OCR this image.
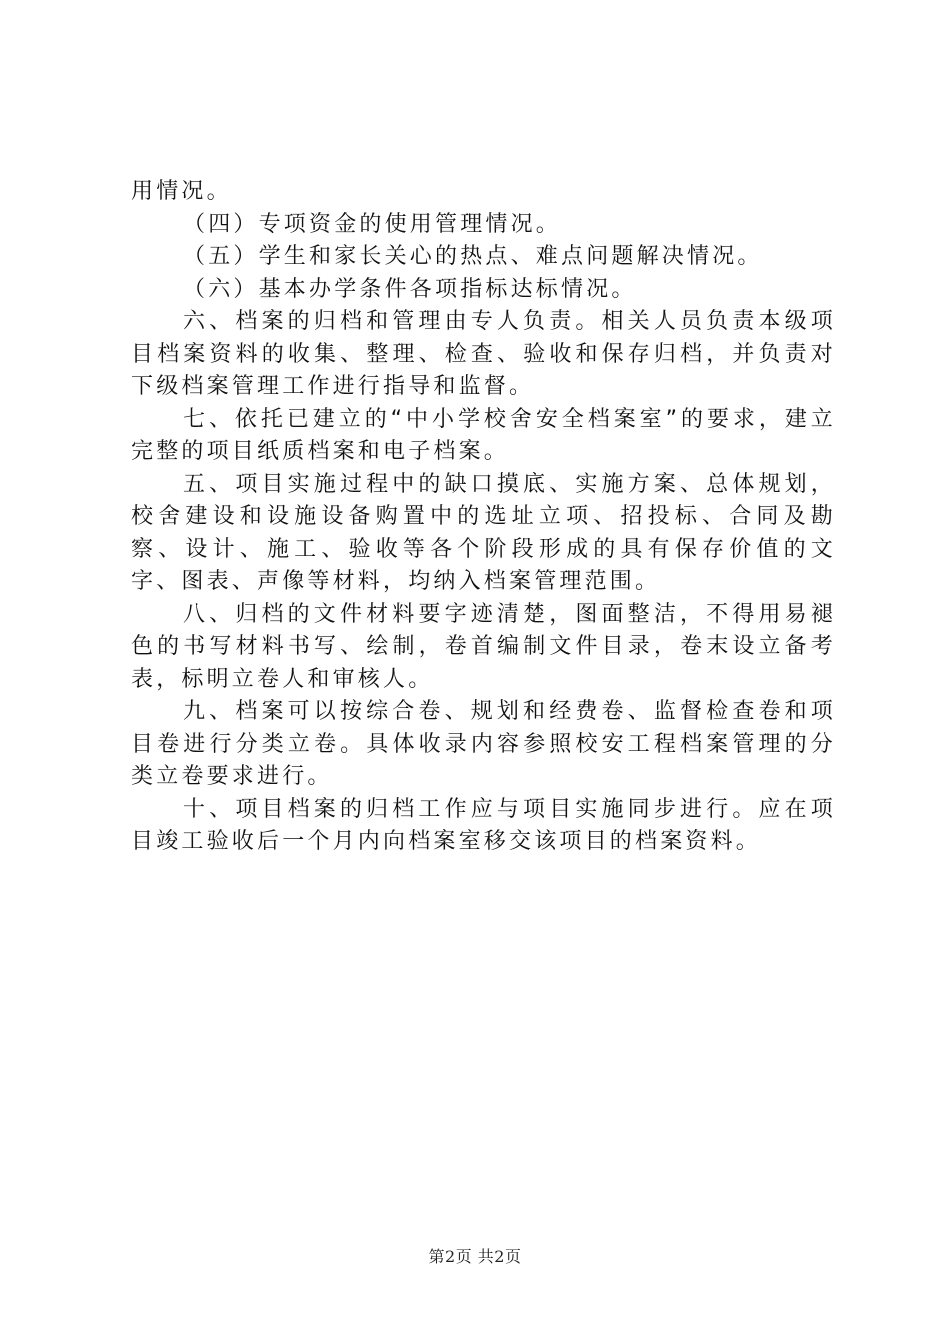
用情况。

（四）专项资金的使用管理情况。

（五）学生和家长关心的热点、难点问题解决情况。

（六）基本办学条件各项指标达标情况。

六、档案的归档和管理由专人负责。相关人员负责本级项目档案资料的收集、整理、检查、验收和保存归档，并负责对下级档案管理工作进行指导和监督。

七、依托已建立的“中小学校舍安全档案室”的要求，建立完整的项目纸质档案和电子档案。

五、项目实施过程中的缺口摸底、实施方案、总体规划，校舍建设和设施设备购置中的选址立项、招投标、合同及勘察、设计、施工、验收等各个阶段形成的具有保存价值的文字、图表、声像等材料，均纳入档案管理范围。

八、归档的文件材料要字迹清楚，图面整洁，不得用易褪色的书写材料书写、绘制，卷首编制文件目录，卷末设立备考表，标明立卷人和审核人。

九、档案可以按综合卷、规划和经费卷、监督检查卷和项目卷进行分类立卷。具体收录内容参照校安工程档案管理的分类立卷要求进行。

十、项目档案的归档工作应与项目实施同步进行。应在项目竣工验收后一个月内向档案室移交该项目的档案资料。

第2页 共2页
